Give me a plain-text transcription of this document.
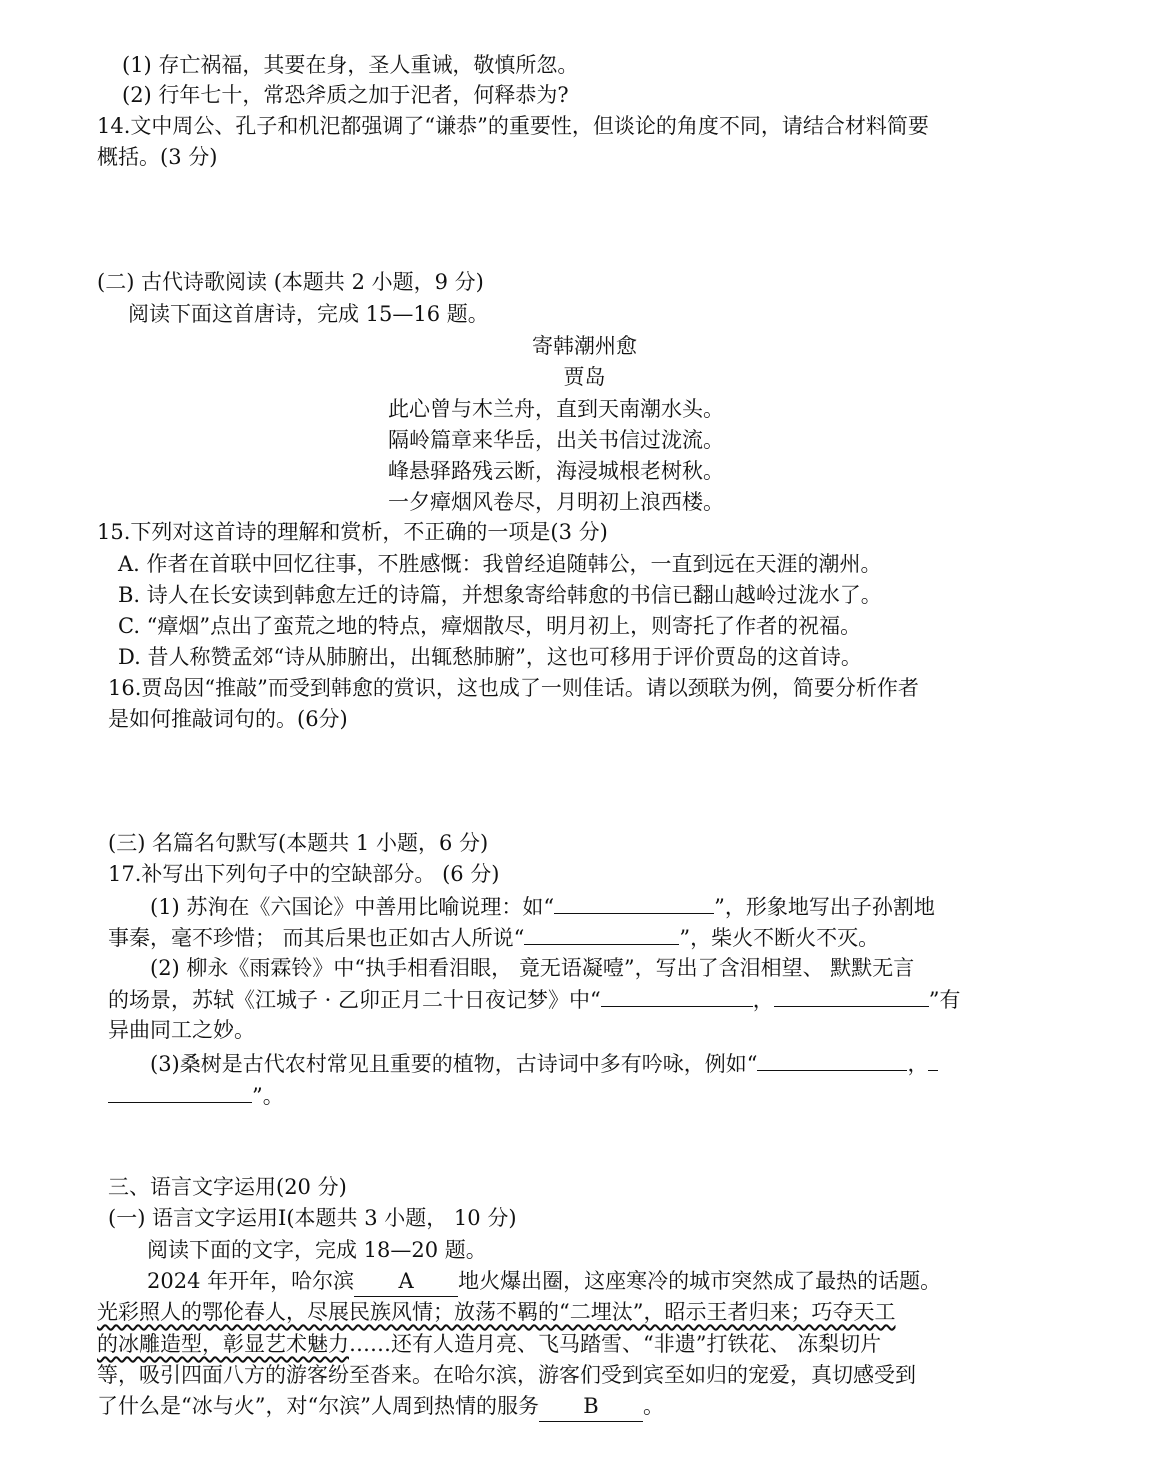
(1) 存亡祸福，其要在身，圣人重诫，敬慎所忽。
(2) 行年七十，常恐斧质之加于汜者，何释恭为?
14.文中周公、孔子和机汜都强调了“谦恭”的重要性，但谈论的角度不同，请结合材料简要
概括。(3 分)
(二) 古代诗歌阅读 (本题共 2 小题，9 分)
阅读下面这首唐诗，完成 15—16 题。
寄韩潮州愈
贾岛
此心曾与木兰舟，直到天南潮水头。
隔岭篇章来华岳，出关书信过泷流。
峰悬驿路残云断，海浸城根老树秋。
一夕瘴烟风卷尽，月明初上浪西楼。
15.下列对这首诗的理解和赏析，不正确的一项是(3 分)
A. 作者在首联中回忆往事，不胜感慨：我曾经追随韩公，一直到远在天涯的潮州。
B. 诗人在长安读到韩愈左迁的诗篇，并想象寄给韩愈的书信已翻山越岭过泷水了。
C. “瘴烟”点出了蛮荒之地的特点，瘴烟散尽，明月初上，则寄托了作者的祝福。
D. 昔人称赞孟郊“诗从肺腑出，出辄愁肺腑”，这也可移用于评价贾岛的这首诗。
16.贾岛因“推敲”而受到韩愈的赏识，这也成了一则佳话。请以颈联为例，简要分析作者
是如何推敲词句的。(6分)
(三) 名篇名句默写(本题共 1 小题，6 分)
17.补写出下列句子中的空缺部分。 (6 分)
(1) 苏洵在《六国论》中善用比喻说理：如“	”，形象地写出子孙割地
事秦，毫不珍惜； 而其后果也正如古人所说“	”，柴火不断火不灭。
(2) 柳永《雨霖铃》中“执手相看泪眼， 竟无语凝噎”，写出了含泪相望、 默默无言
的场景，苏轼《江城子 · 乙卯正月二十日夜记梦》中“	，	”有
异曲同工之妙。
(3)桑树是古代农村常见且重要的植物，古诗词中多有吟咏，例如“	，
”。
三、语言文字运用(20 分)
(一) 语言文字运用Ⅰ(本题共 3 小题， 10 分)
阅读下面的文字，完成 18—20 题。
2024 年开年，哈尔滨 A 地火爆出圈，这座寒冷的城市突然成了最热的话题。
光彩照人的鄂伦春人，尽展民族风情；放荡不羁的“二埋汰”，昭示王者归来；巧夺天工
的冰雕造型，彰显艺术魅力……还有人造月亮、飞马踏雪、“非遗”打铁花、 冻梨切片
等，吸引四面八方的游客纷至沓来。在哈尔滨，游客们受到宾至如归的宠爱，真切感受到
了什么是“冰与火”，对“尔滨”人周到热情的服务 B 。
